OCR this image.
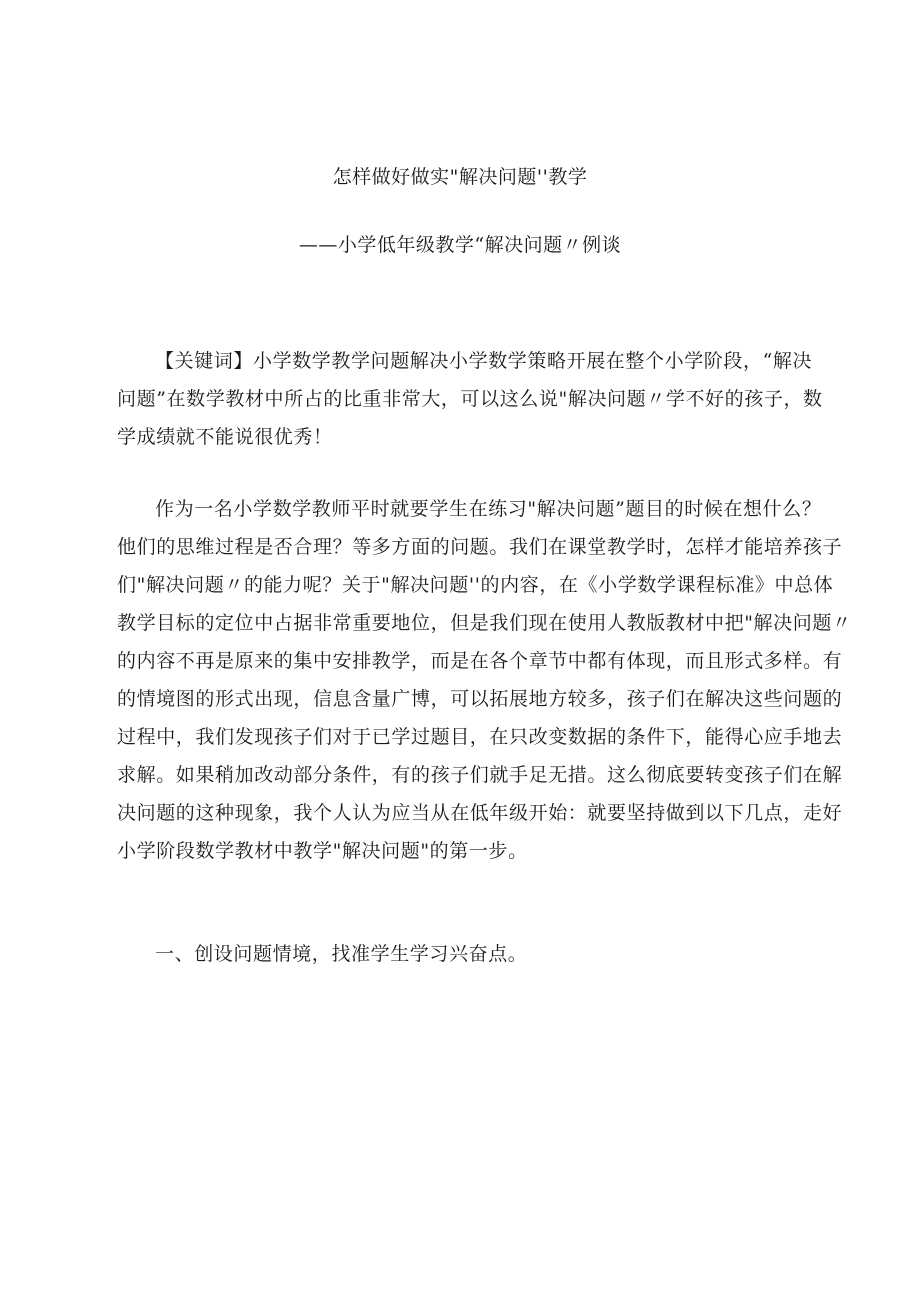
怎样做好做实"解决问题''教学
——小学低年级教学“解决问题〃例谈
【关键词】小学数学教学问题解决小学数学策略开展在整个小学阶段，“解决
问题”在数学教材中所占的比重非常大，可以这么说"解决问题〃学不好的孩子，数
学成绩就不能说很优秀！
作为一名小学数学教师平时就要学生在练习"解决问题”题目的时候在想什么？
他们的思维过程是否合理？等多方面的问题。我们在课堂教学时，怎样才能培养孩子
们"解决问题〃的能力呢？关于"解决问题''的内容，在《小学数学课程标准》中总体
教学目标的定位中占据非常重要地位，但是我们现在使用人教版教材中把"解决问题〃
的内容不再是原来的集中安排教学，而是在各个章节中都有体现，而且形式多样。有
的情境图的形式出现，信息含量广博，可以拓展地方较多，孩子们在解决这些问题的
过程中，我们发现孩子们对于已学过题目，在只改变数据的条件下，能得心应手地去
求解。如果稍加改动部分条件，有的孩子们就手足无措。这么彻底要转变孩子们在解
决问题的这种现象，我个人认为应当从在低年级开始：就要坚持做到以下几点，走好
小学阶段数学教材中教学"解决问题"的第一步。
一、创设问题情境，找准学生学习兴奋点。
